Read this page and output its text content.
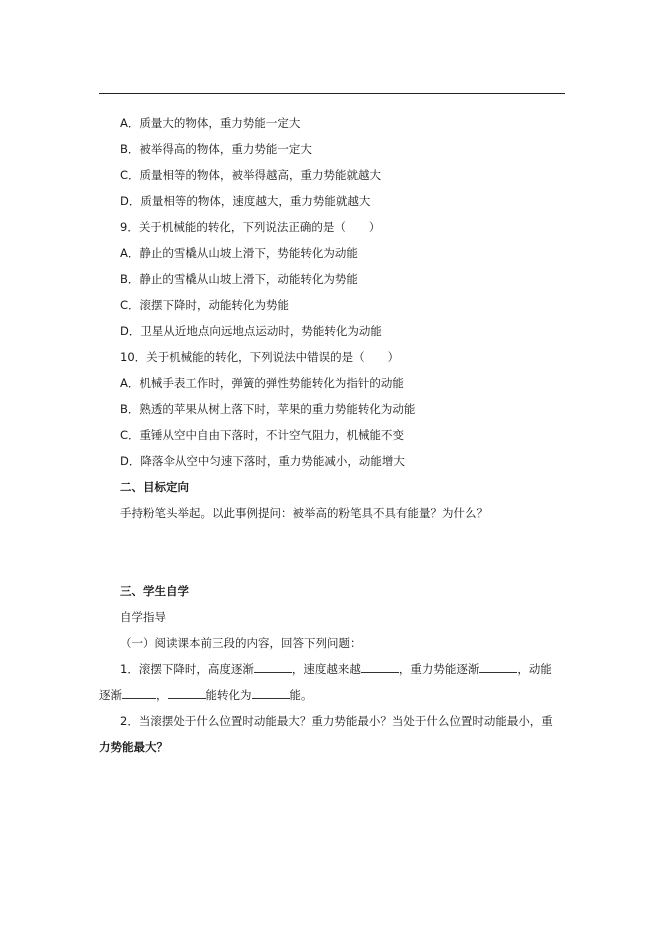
A．质量大的物体，重力势能一定大
B．被举得高的物体，重力势能一定大
C．质量相等的物体，被举得越高，重力势能就越大
D．质量相等的物体，速度越大，重力势能就越大
9．关于机械能的转化，下列说法正确的是（　　）
A．静止的雪橇从山坡上滑下，势能转化为动能
B．静止的雪橇从山坡上滑下，动能转化为势能
C．滚摆下降时，动能转化为势能
D．卫星从近地点向远地点运动时，势能转化为动能
10．关于机械能的转化，下列说法中错误的是（　　）
A．机械手表工作时，弹簧的弹性势能转化为指针的动能
B．熟透的苹果从树上落下时，苹果的重力势能转化为动能
C．重锤从空中自由下落时，不计空气阻力，机械能不变
D．降落伞从空中匀速下落时，重力势能减小，动能增大
二、目标定向
手持粉笔头举起。以此事例提问：被举高的粉笔具不具有能量？为什么？
三、学生自学
自学指导
（一）阅读课本前三段的内容，回答下列问题：
1．滚摆下降时，高度逐渐	，速度越来越	，重力势能逐渐	，动能
逐渐	，	能转化为	能。
2．当滚摆处于什么位置时动能最大？重力势能最小？当处于什么位置时动能最小，重
力势能最大？
